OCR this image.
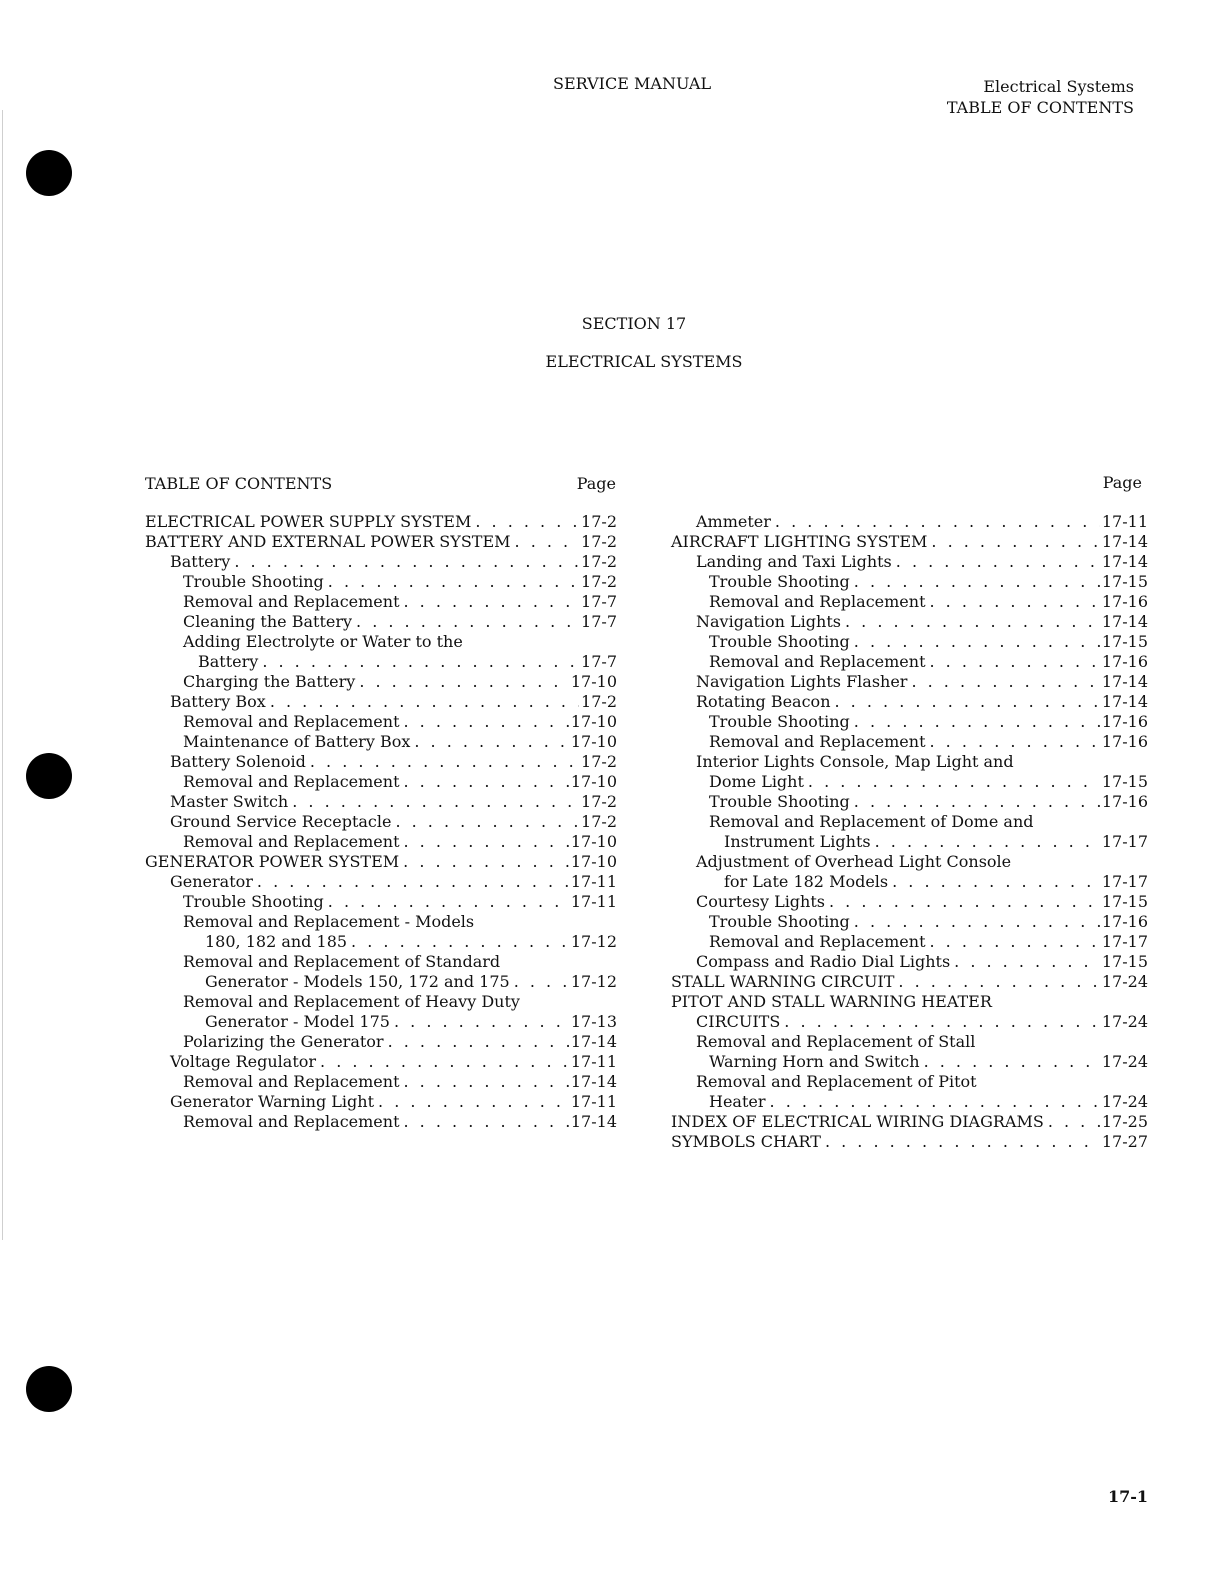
SERVICE MANUAL	Electrical Systems
TABLE OF CONTENTS
SECTION 17
ELECTRICAL SYSTEMS
TABLE OF CONTENTS	Page	Page
ELECTRICAL POWER SUPPLY SYSTEM . . .	17-2
BATTERY AND EXTERNAL POWER SYSTEM . . .	17-2
Battery . . .	17-2
Trouble Shooting . . .	17-2
Removal and Replacement . . .	17-7
Cleaning the Battery . . .	17-7
Adding Electrolyte or Water to the
Battery . . .	17-7
Charging the Battery . . .	17-10
Battery Box . . .	17-2
Removal and Replacement . . .	17-10
Maintenance of Battery Box . . .	17-10
Battery Solenoid . . .	17-2
Removal and Replacement . . .	17-10
Master Switch . . .	17-2
Ground Service Receptacle . . .	17-2
Removal and Replacement . . .	17-10
GENERATOR POWER SYSTEM . . .	17-10
Generator . . .	17-11
Trouble Shooting . . .	17-11
Removal and Replacement - Models
180, 182 and 185 . . .	17-12
Removal and Replacement of Standard
Generator - Models 150, 172 and 175 . . .	17-12
Removal and Replacement of Heavy Duty
Generator - Model 175 . . .	17-13
Polarizing the Generator . . .	17-14
Voltage Regulator . . .	17-11
Removal and Replacement . . .	17-14
Generator Warning Light . . .	17-11
Removal and Replacement . . .	17-14
Ammeter . . .	17-11
AIRCRAFT LIGHTING SYSTEM . . .	17-14
Landing and Taxi Lights . . .	17-14
Trouble Shooting . . .	17-15
Removal and Replacement . . .	17-16
Navigation Lights . . .	17-14
Trouble Shooting . . .	17-15
Removal and Replacement . . .	17-16
Navigation Lights Flasher . . .	17-14
Rotating Beacon . . .	17-14
Trouble Shooting . . .	17-16
Removal and Replacement . . .	17-16
Interior Lights Console, Map Light and
Dome Light . . .	17-15
Trouble Shooting . . .	17-16
Removal and Replacement of Dome and
Instrument Lights . . .	17-17
Adjustment of Overhead Light Console
for Late 182 Models . . .	17-17
Courtesy Lights . . .	17-15
Trouble Shooting . . .	17-16
Removal and Replacement . . .	17-17
Compass and Radio Dial Lights . . .	17-15
STALL WARNING CIRCUIT . . .	17-24
PITOT AND STALL WARNING HEATER
CIRCUITS . . .	17-24
Removal and Replacement of Stall
Warning Horn and Switch . . .	17-24
Removal and Replacement of Pitot
Heater . . .	17-24
INDEX OF ELECTRICAL WIRING DIAGRAMS . . .	17-25
SYMBOLS CHART . . .	17-27
17-1
